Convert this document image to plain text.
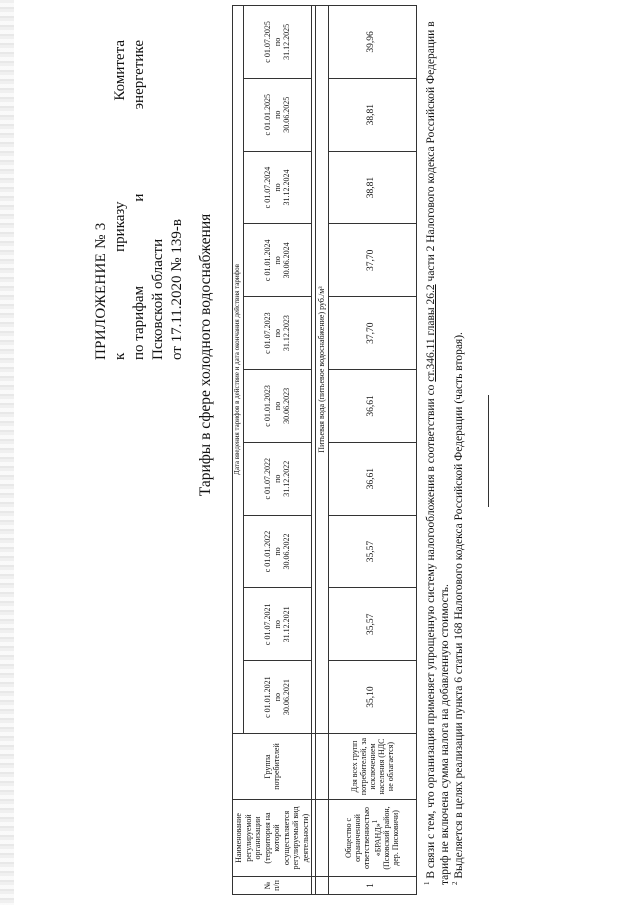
ПРИЛОЖЕНИЕ № 3 к
приказу
Комитета
по тарифам
и
энергетике
Псковской области от 17.11.2020 № 139-в Тарифы в сфере холодного водоснабжения
№ п/п	Наименование регулируемой организации (территория на которой осуществляется регулируемый вид деятельности)	Группа потребителей	Дата введения тарифов в действие и дата окончания действия тарифов									

			с 01.01.2021 по 30.06.2021	с 01.07.2021 по 31.12.2021	с 01.01.2022 по 30.06.2022	с 01.07.2022 по 31.12.2022	с 01.01.2023 по 30.06.2023	с 01.07.2023 по 31.12.2023	с 01.01.2024 по 30.06.2024	с 01.07.2024 по 31.12.2024	с 01.01.2025 по 30.06.2025	с 01.07.2025 по 31.12.2025

			Питьевая вода (питьевое водоснабжение) руб./м³									
1	Общество с ограниченной ответственностью «БРАНД»$^1$ (Псковский район, дер. Писковичи)	Для всех групп потребителей, за исключением населения (НДС не облагается)	35,10	35,57	35,57	36,61	36,61	37,70	37,70	38,81	38,81	39,96
$^1$ В связи с тем, что организация применяет упрощенную систему налогообложения в соответствии со ст.346.11 главы 26.2 части 2 Налогового кодекса Российской Федерации в тариф не включена сумма налога на добавленную стоимость. $^2$ Выделяется в целях реализации пункта 6 статьи 168 Налогового кодекса Российской Федерации (часть вторая).
